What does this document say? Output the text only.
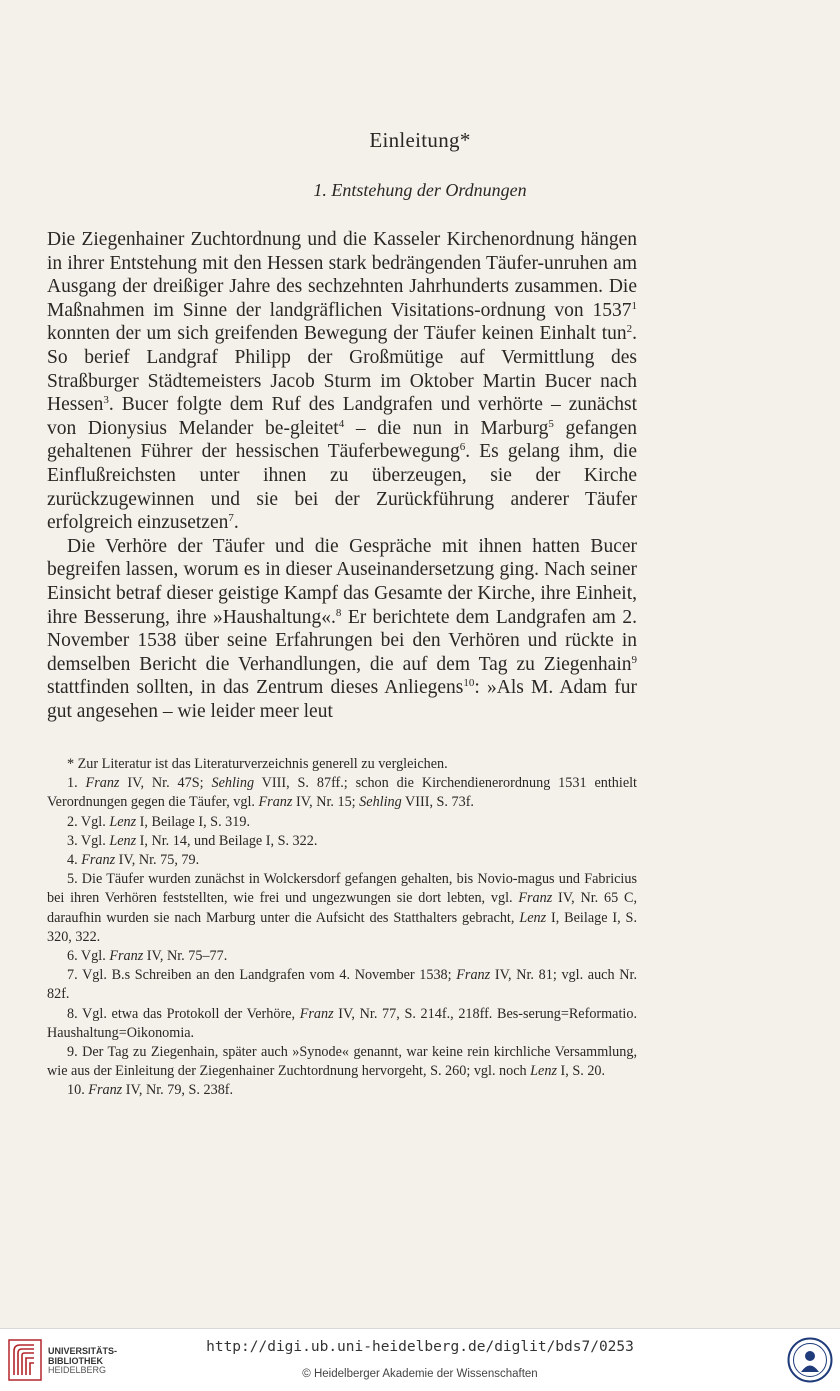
Einleitung*
1. Entstehung der Ordnungen

Die Ziegenhainer Zuchtordnung und die Kasseler Kirchenordnung hängen in ihrer Entstehung mit den Hessen stark bedrängenden Täufer-unruhen am Ausgang der dreißiger Jahre des sechzehnten Jahrhunderts zusammen. Die Maßnahmen im Sinne der landgräflichen Visitations-ordnung von 1537$^1$ konnten der um sich greifenden Bewegung der Täufer keinen Einhalt tun$^2$. So berief Landgraf Philipp der Großmütige auf Vermittlung des Straßburger Städtemeisters Jacob Sturm im Oktober Martin Bucer nach Hessen$^3$. Bucer folgte dem Ruf des Landgrafen und verhörte – zunächst von Dionysius Melander be-gleitet$^4$ – die nun in Marburg$^5$ gefangen gehaltenen Führer der hessischen Täuferbewegung$^6$. Es gelang ihm, die Einflußreichsten unter ihnen zu überzeugen, sie der Kirche zurückzugewinnen und sie bei der Zurückführung anderer Täufer erfolgreich einzusetzen$^7$.

Die Verhöre der Täufer und die Gespräche mit ihnen hatten Bucer begreifen lassen, worum es in dieser Auseinandersetzung ging. Nach seiner Einsicht betraf dieser geistige Kampf das Gesamte der Kirche, ihre Einheit, ihre Besserung, ihre »Haushaltung«.$^8$ Er berichtete dem Landgrafen am 2. November 1538 über seine Erfahrungen bei den Verhören und rückte in demselben Bericht die Verhandlungen, die auf dem Tag zu Ziegenhain$^9$ stattfinden sollten, in das Zentrum dieses Anliegens$^{10}$: »Als M. Adam fur gut angesehen – wie leider meer leut

* Zur Literatur ist das Literaturverzeichnis generell zu vergleichen.

1. Franz IV, Nr. 47S; Sehling VIII, S. 87ff.; schon die Kirchendienerordnung 1531 enthielt Verordnungen gegen die Täufer, vgl. Franz IV, Nr. 15; Sehling VIII, S. 73f.

2. Vgl. Lenz I, Beilage I, S. 319.

3. Vgl. Lenz I, Nr. 14, und Beilage I, S. 322.

4. Franz IV, Nr. 75, 79.

5. Die Täufer wurden zunächst in Wolckersdorf gefangen gehalten, bis Novio-magus und Fabricius bei ihren Verhören feststellten, wie frei und ungezwungen sie dort lebten, vgl. Franz IV, Nr. 65 C, daraufhin wurden sie nach Marburg unter die Aufsicht des Statthalters gebracht, Lenz I, Beilage I, S. 320, 322.

6. Vgl. Franz IV, Nr. 75–77.

7. Vgl. B.s Schreiben an den Landgrafen vom 4. November 1538; Franz IV, Nr. 81; vgl. auch Nr. 82f.

8. Vgl. etwa das Protokoll der Verhöre, Franz IV, Nr. 77, S. 214f., 218ff. Bes-serung=Reformatio. Haushaltung=Oikonomia.

9. Der Tag zu Ziegenhain, später auch »Synode« genannt, war keine rein kirchliche Versammlung, wie aus der Einleitung der Ziegenhainer Zuchtordnung hervorgeht, S. 260; vgl. noch Lenz I, S. 20.

10. Franz IV, Nr. 79, S. 238f.

UNIVERSITÄTS-
BIBLIOTHEK
HEIDELBERG
http://digi.ub.uni-heidelberg.de/diglit/bds7/0253
© Heidelberger Akademie der Wissenschaften
